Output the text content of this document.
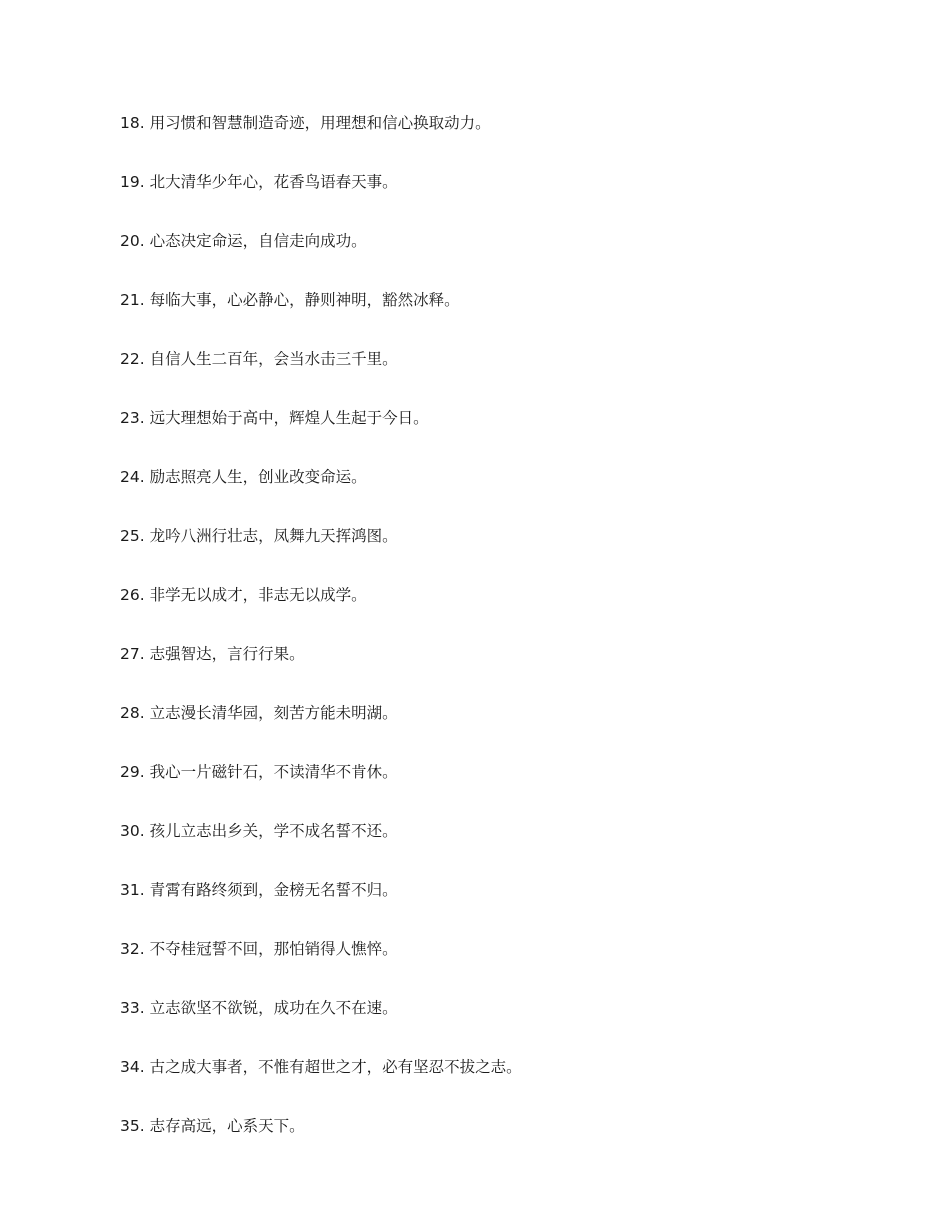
18. 用习惯和智慧制造奇迹，用理想和信心换取动力。
19. 北大清华少年心，花香鸟语春天事。
20. 心态决定命运，自信走向成功。
21. 每临大事，心必静心，静则神明，豁然冰释。
22. 自信人生二百年，会当水击三千里。
23. 远大理想始于高中，辉煌人生起于今日。
24. 励志照亮人生，创业改变命运。
25. 龙吟八洲行壮志，凤舞九天挥鸿图。
26. 非学无以成才，非志无以成学。
27. 志强智达，言行行果。
28. 立志漫长清华园，刻苦方能未明湖。
29. 我心一片磁针石，不读清华不肯休。
30. 孩儿立志出乡关，学不成名誓不还。
31. 青霄有路终须到，金榜无名誓不归。
32. 不夺桂冠誓不回，那怕销得人憔悴。
33. 立志欲坚不欲锐，成功在久不在速。
34. 古之成大事者，不惟有超世之才，必有坚忍不拔之志。
35. 志存高远，心系天下。
